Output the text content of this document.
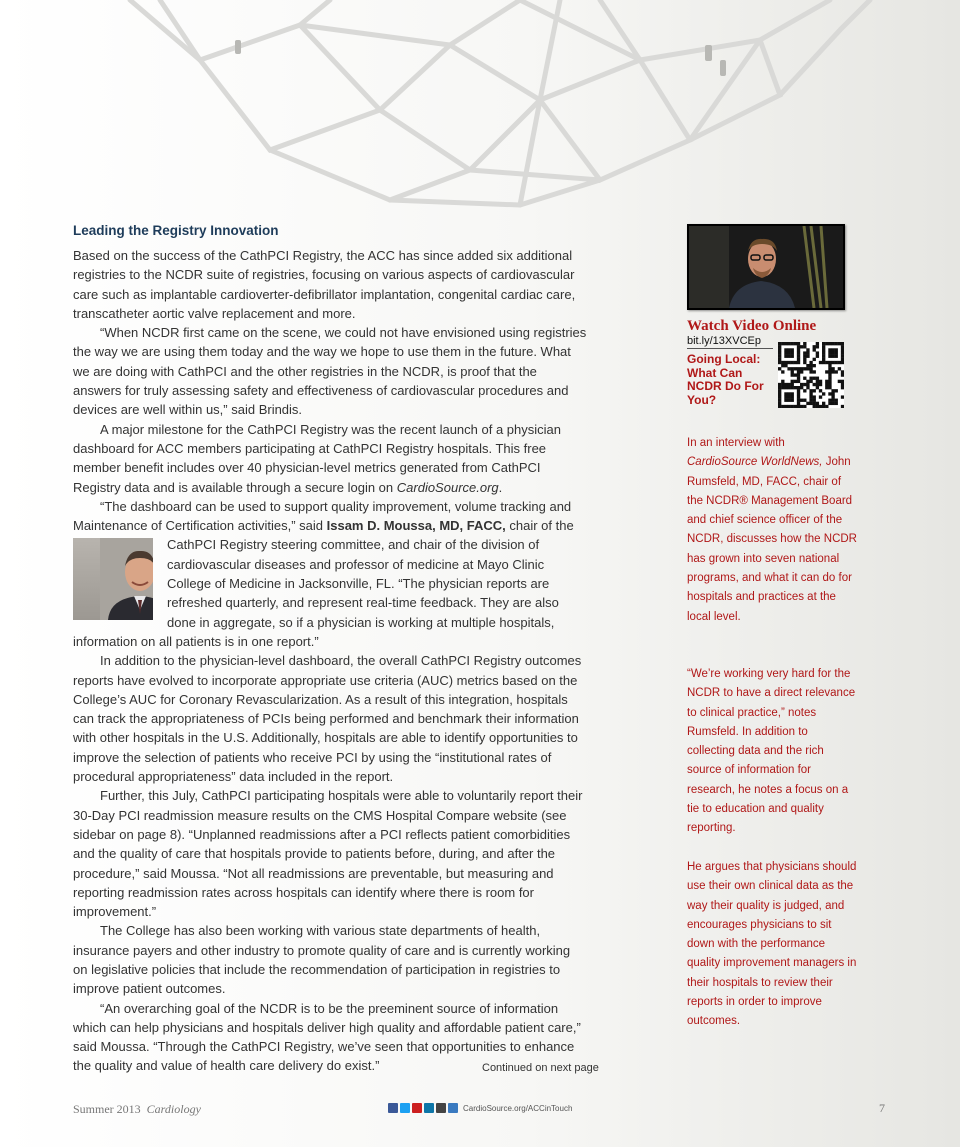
Leading the Registry Innovation

Based on the success of the CathPCI Registry, the ACC has since added six additional registries to the NCDR suite of registries, focusing on various aspects of cardiovascular care such as implantable cardioverter-defibrillator implantation, congenital cardiac care, transcatheter aortic valve replacement and more.

“When NCDR first came on the scene, we could not have envisioned using registries the way we are using them today and the way we hope to use them in the future. What we are doing with CathPCI and the other registries in the NCDR, is proof that the answers for truly assessing safety and effectiveness of cardiovascular procedures and devices are well within us,” said Brindis.

A major milestone for the CathPCI Registry was the recent launch of a physician dashboard for ACC members participating at CathPCI Registry hospitals. This free member benefit includes over 40 physician-level metrics generated from CathPCI Registry data and is available through a secure login on CardioSource.org.

“The dashboard can be used to support quality improvement, volume tracking and Maintenance of Certification activities,” said Issam D. Moussa, MD, FACC,
chair of the CathPCI Registry steering committee, and chair of the division of cardiovascular diseases and professor of medicine at Mayo Clinic College of Medicine in Jacksonville, FL. “The physician reports are refreshed quarterly, and represent real-time feedback. They are also done in aggregate, so if a physician is working at multiple hospitals, information on all patients is in one report.”

In addition to the physician-level dashboard, the overall CathPCI Registry outcomes reports have evolved to incorporate appropriate use criteria (AUC) metrics based on the College’s AUC for Coronary Revascularization. As a result of this integration, hospitals can track the appropriateness of PCIs being performed and benchmark their information with other hospitals in the U.S. Additionally, hospitals are able to identify opportunities to improve the selection of patients who receive PCI by using the “institutional rates of procedural appropriateness” data included in the report.

Further, this July, CathPCI participating hospitals were able to voluntarily report their 30-Day PCI readmission measure results on the CMS Hospital Compare website (see sidebar on page 8). “Unplanned readmissions after a PCI reflects patient comorbidities and the quality of care that hospitals provide to patients before, during, and after the procedure,” said Moussa. “Not all readmissions are preventable, but measuring and reporting readmission rates across hospitals can identify where there is room for improvement.”

The College has also been working with various state departments of health, insurance payers and other industry to promote quality of care and is currently working on legislative policies that include the recommendation of participation in registries to improve patient outcomes.

“An overarching goal of the NCDR is to be the preeminent source of information which can help physicians and hospitals deliver high quality and affordable patient care,” said Moussa. “Through the CathPCI Registry, we’ve seen that opportunities to enhance the quality and value of health care delivery do exist.”	Continued on next page
Watch Video Online
bit.ly/13XVCEp
Going Local: What Can NCDR Do For You?

In an interview with CardioSource WorldNews, John Rumsfeld, MD, FACC, chair of the NCDR® Management Board and chief science officer of the NCDR, discusses how the NCDR has grown into seven national programs, and what it can do for hospitals and practices at the local level.

“We’re working very hard for the NCDR to have a direct relevance to clinical practice,” notes Rumsfeld. In addition to collecting data and the rich source of information for research, he notes a focus on a tie to education and quality reporting.

He argues that physicians should use their own clinical data as the way their quality is judged, and encourages physicians to sit down with the performance quality improvement managers in their hospitals to review their reports in order to improve outcomes.

Summer 2013 Cardiology	CardioSource.org/ACCinTouch	7
